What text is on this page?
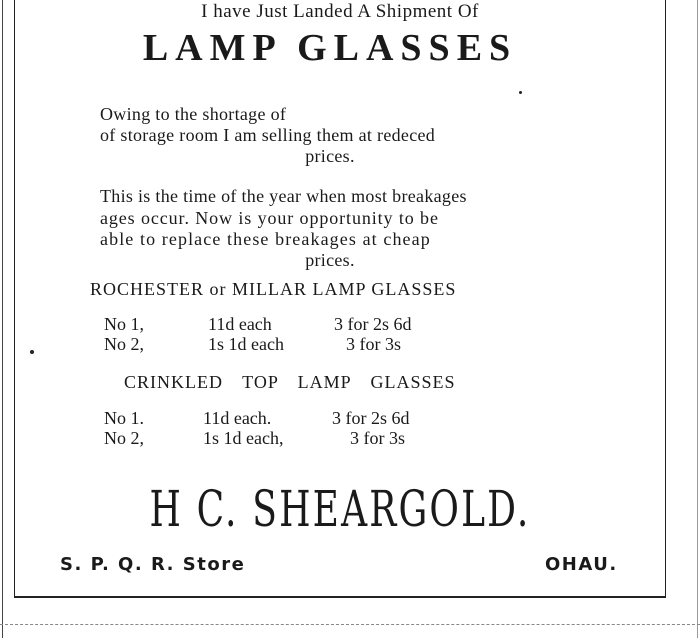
I have Just Landed A Shipment Of
LAMP GLASSES
Owing to the shortage of
of storage room I am selling them at redeced
prices.
This is the time of the year when most breakages
ages occur. Now is your opportunity to be
able to replace these breakages at cheap
prices.
ROCHESTER or MILLAR LAMP GLASSES
No 1,	11d each	3 for 2s 6d
No 2,	1s 1d each	3 for 3s
CRINKLED TOP LAMP GLASSES
No 1.	11d each.	3 for 2s 6d
No 2,	1s 1d each,	3 for 3s
H C. SHEARGOLD.
S. P. Q. R. Store	OHAU.
